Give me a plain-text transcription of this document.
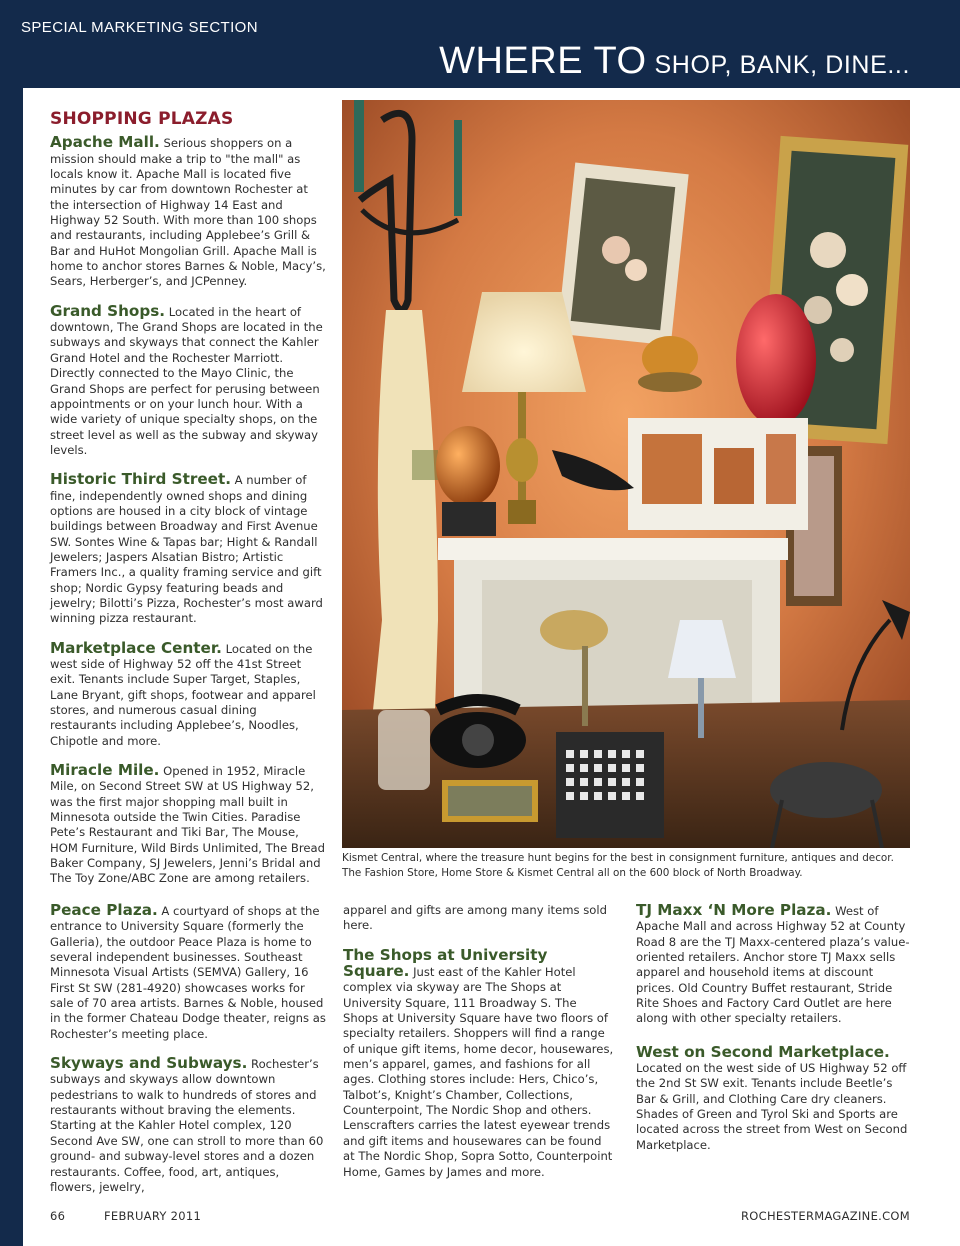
SPECIAL MARKETING SECTION
WHERE TO SHOP, BANK, DINE...
SHOPPING PLAZAS

Apache Mall. Serious shoppers on a mission should make a trip to "the mall" as locals know it. Apache Mall is located five minutes by car from downtown Rochester at the intersection of Highway 14 East and Highway 52 South. With more than 100 shops and restaurants, including Applebee’s Grill & Bar and HuHot Mongolian Grill. Apache Mall is home to anchor stores Barnes & Noble, Macy’s, Sears, Herberger’s, and JCPenney.

Grand Shops. Located in the heart of downtown, The Grand Shops are located in the subways and skyways that connect the Kahler Grand Hotel and the Rochester Marriott. Directly connected to the Mayo Clinic, the Grand Shops are perfect for perusing between appointments or on your lunch hour. With a wide variety of unique specialty shops, on the street level as well as the subway and skyway levels.

Historic Third Street. A number of fine, independently owned shops and dining options are housed in a city block of vintage buildings between Broadway and First Avenue SW. Sontes Wine & Tapas bar; Hight & Randall Jewelers; Jaspers Alsatian Bistro; Artistic Framers Inc., a quality framing service and gift shop; Nordic Gypsy featuring beads and jewelry; Bilotti’s Pizza, Rochester’s most award winning pizza restaurant.

Marketplace Center. Located on the west side of Highway 52 off the 41st Street exit. Tenants include Super Target, Staples, Lane Bryant, gift shops, footwear and apparel stores, and numerous casual dining restaurants including Applebee’s, Noodles, Chipotle and more.

Miracle Mile. Opened in 1952, Miracle Mile, on Second Street SW at US Highway 52, was the first major shopping mall built in Minnesota outside the Twin Cities. Paradise Pete’s Restaurant and Tiki Bar, The Mouse, HOM Furniture, Wild Birds Unlimited, The Bread Baker Company, SJ Jewelers, Jenni’s Bridal and The Toy Zone/ABC Zone are among retailers.

Kismet Central, where the treasure hunt begins for the best in consignment furniture, antiques and decor. The Fashion Store, Home Store & Kismet Central all on the 600 block of North Broadway.

Peace Plaza. A courtyard of shops at the entrance to University Square (formerly the Galleria), the outdoor Peace Plaza is home to several independent businesses. Southeast Minnesota Visual Artists (SEMVA) Gallery, 16 First St SW (281-4920) showcases works for sale of 70 area artists. Barnes & Noble, housed in the former Chateau Dodge theater, reigns as Rochester’s meeting place.

Skyways and Subways. Rochester’s subways and skyways allow downtown pedestrians to walk to hundreds of stores and restaurants without braving the elements. Starting at the Kahler Hotel complex, 120 Second Ave SW, one can stroll to more than 60 ground- and subway-level stores and a dozen restaurants. Coffee, food, art, antiques, flowers, jewelry,

apparel and gifts are among many items sold here.

The Shops at University Square. Just east of the Kahler Hotel complex via skyway are The Shops at University Square, 111 Broadway S. The Shops at University Square have two floors of specialty retailers. Shoppers will find a range of unique gift items, home decor, housewares, men’s apparel, games, and fashions for all ages. Clothing stores include: Hers, Chico’s, Talbot’s, Knight’s Chamber, Collections, Counterpoint, The Nordic Shop and others. Lenscrafters carries the latest eyewear trends and gift items and housewares can be found at The Nordic Shop, Sopra Sotto, Counterpoint Home, Games by James and more.

TJ Maxx ‘N More Plaza. West of Apache Mall and across Highway 52 at County Road 8 are the TJ Maxx-centered plaza’s value-oriented retailers. Anchor store TJ Maxx sells apparel and household items at discount prices. Old Country Buffet restaurant, Stride Rite Shoes and Factory Card Outlet are here along with other specialty retailers.

West on Second Marketplace.
Located on the west side of US Highway 52 off the 2nd St SW exit. Tenants include Beetle’s Bar & Grill, and Clothing Care dry cleaners. Shades of Green and Tyrol Ski and Sports are located across the street from West on Second Marketplace.

66	FEBRUARY 2011	ROCHESTERMAGAZINE.COM
